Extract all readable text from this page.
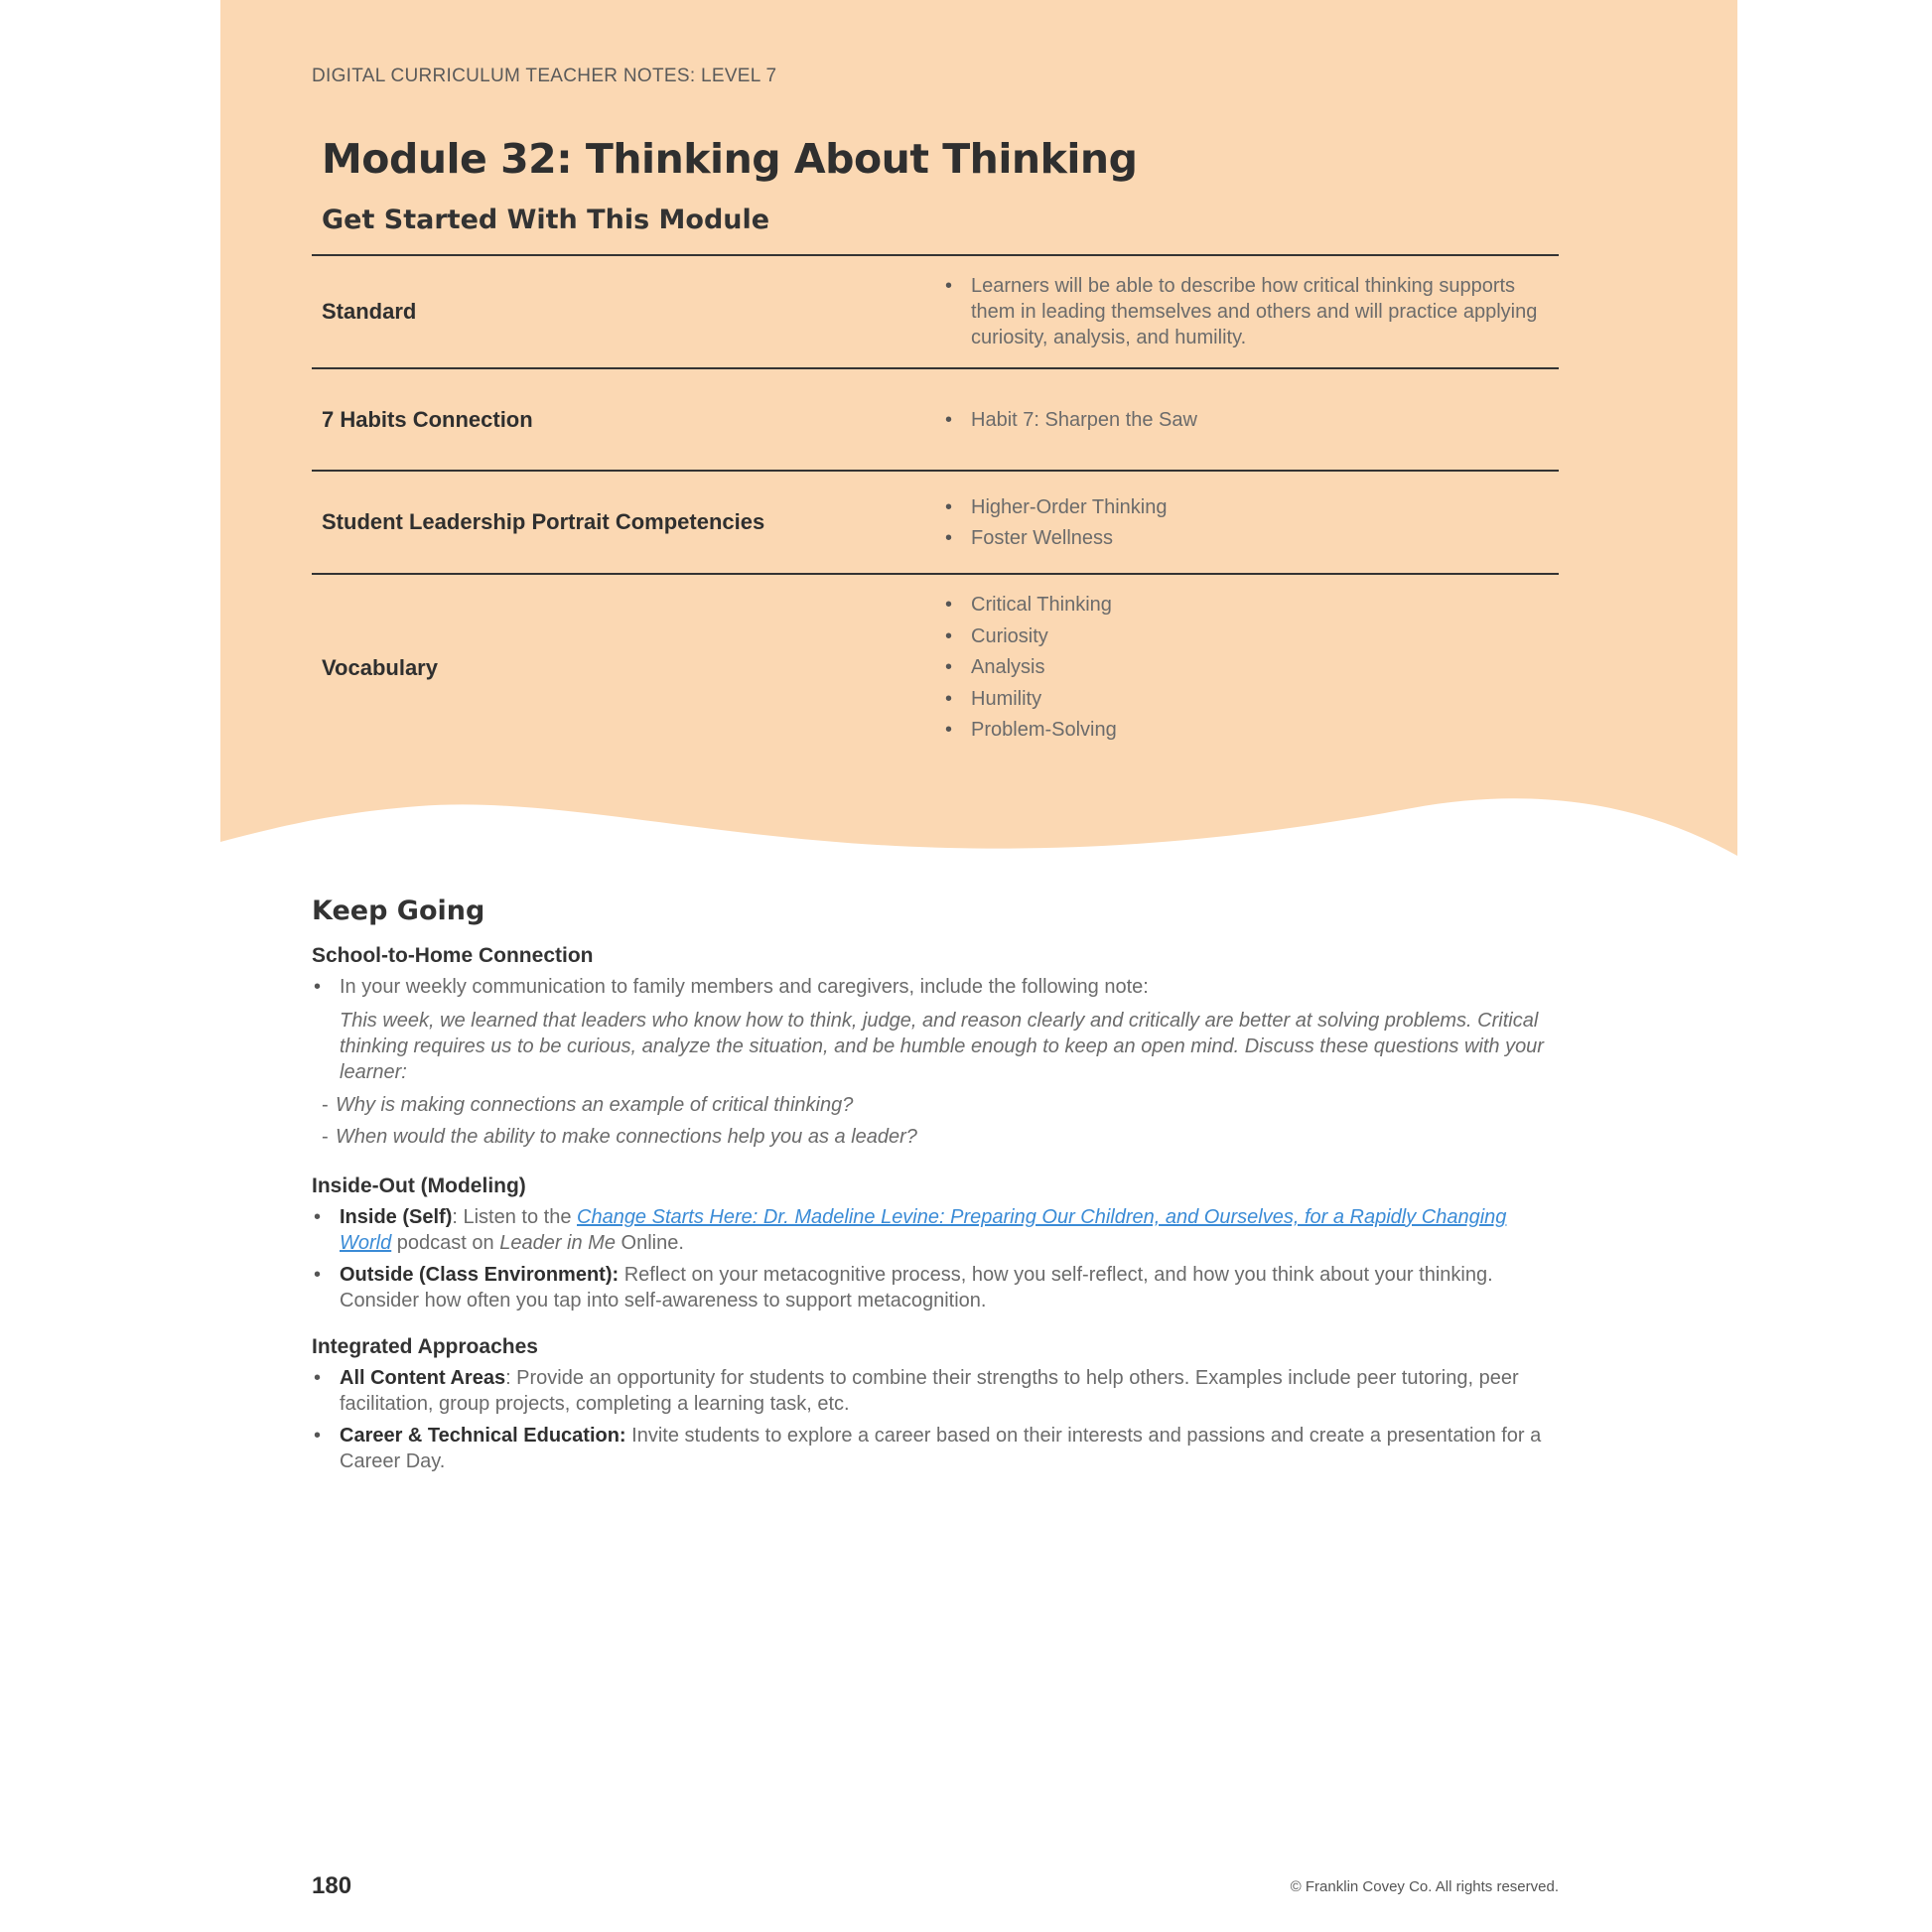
DIGITAL CURRICULUM TEACHER NOTES: LEVEL 7
Module 32: Thinking About Thinking
Get Started With This Module
Standard
• Learners will be able to describe how critical thinking supports them in leading themselves and others and will practice applying curiosity, analysis, and humility.
7 Habits Connection
•	Habit 7: Sharpen the Saw
Student Leadership Portrait Competencies
• Higher-Order Thinking
• Foster Wellness
Vocabulary
• Critical Thinking
• Curiosity
• Analysis
• Humility
• Problem-Solving
Keep Going
School-to-Home Connection
• In your weekly communication to family members and caregivers, include the following note:
This week, we learned that leaders who know how to think, judge, and reason clearly and critically are better at solving problems. Critical thinking requires us to be curious, analyze the situation, and be humble enough to keep an open mind. Discuss these questions with your learner:
- Why is making connections an example of critical thinking?
- When would the ability to make connections help you as a leader?
Inside-Out (Modeling)
• Inside (Self): Listen to the Change Starts Here: Dr. Madeline Levine: Preparing Our Children, and Ourselves, for a Rapidly Changing World podcast on Leader in Me Online.
• Outside (Class Environment): Reflect on your metacognitive process, how you self-reflect, and how you think about your thinking. Consider how often you tap into self-awareness to support metacognition.
Integrated Approaches
• All Content Areas: Provide an opportunity for students to combine their strengths to help others. Examples include peer tutoring, peer facilitation, group projects, completing a learning task, etc.
• Career & Technical Education: Invite students to explore a career based on their interests and passions and create a presentation for a Career Day.
180	© Franklin Covey Co. All rights reserved.
